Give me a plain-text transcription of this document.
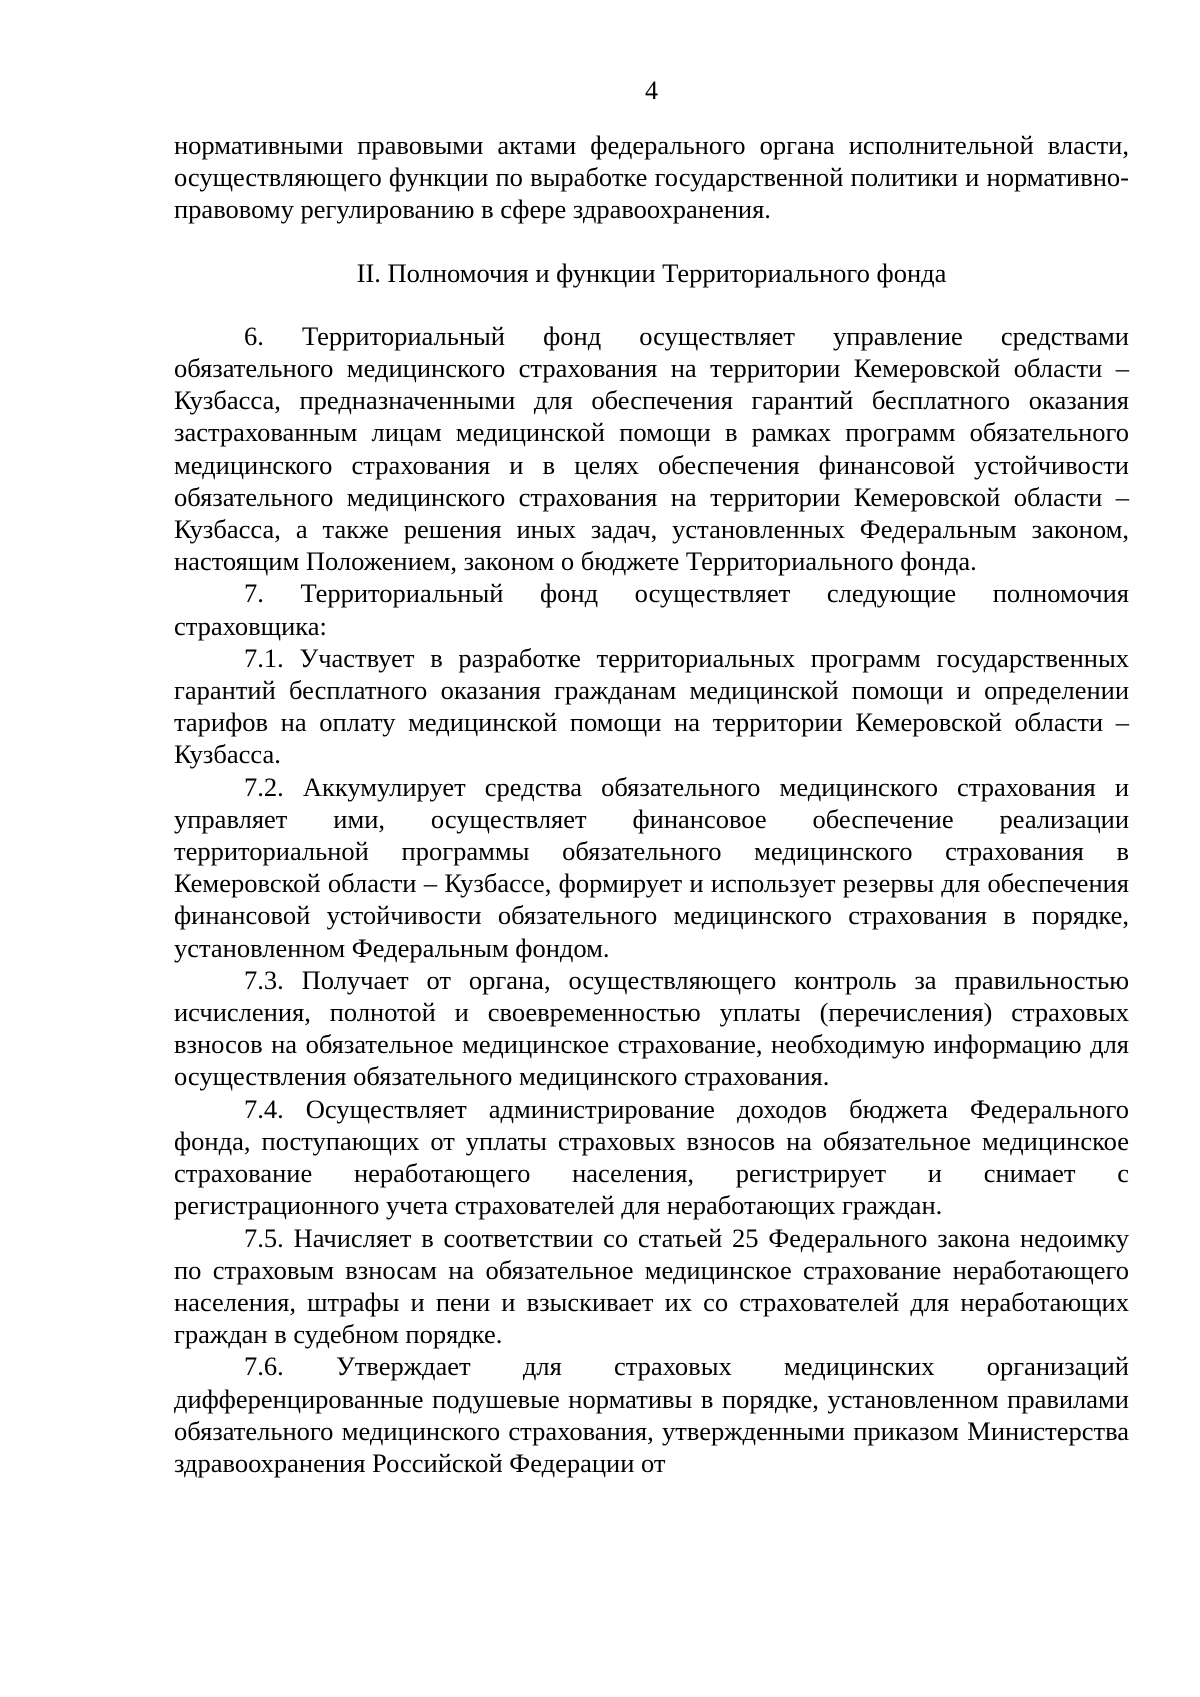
4

нормативными правовыми актами федерального органа исполнительной власти, осуществляющего функции по выработке государственной политики и нормативно-правовому регулированию в сфере здравоохранения.

II. Полномочия и функции Территориального фонда

6. Территориальный фонд осуществляет управление средствами обязательного медицинского страхования на территории Кемеровской области – Кузбасса, предназначенными для обеспечения гарантий бесплатного оказания застрахованным лицам медицинской помощи в рамках программ обязательного медицинского страхования и в целях обеспечения финансовой устойчивости обязательного медицинского страхования на территории Кемеровской области – Кузбасса, а также решения иных задач, установленных Федеральным законом, настоящим Положением, законом о бюджете Территориального фонда.

7. Территориальный фонд осуществляет следующие полномочия страховщика:

7.1. Участвует в разработке территориальных программ государственных гарантий бесплатного оказания гражданам медицинской помощи и определении тарифов на оплату медицинской помощи на территории Кемеровской области – Кузбасса.

7.2. Аккумулирует средства обязательного медицинского страхования и управляет ими, осуществляет финансовое обеспечение реализации территориальной программы обязательного медицинского страхования в Кемеровской области – Кузбассе, формирует и использует резервы для обеспечения финансовой устойчивости обязательного медицинского страхования в порядке, установленном Федеральным фондом.

7.3. Получает от органа, осуществляющего контроль за правильностью исчисления, полнотой и своевременностью уплаты (перечисления) страховых взносов на обязательное медицинское страхование, необходимую информацию для осуществления обязательного медицинского страхования.

7.4. Осуществляет администрирование доходов бюджета Федерального фонда, поступающих от уплаты страховых взносов на обязательное медицинское страхование неработающего населения, регистрирует и снимает с регистрационного учета страхователей для неработающих граждан.

7.5. Начисляет в соответствии со статьей 25 Федерального закона недоимку по страховым взносам на обязательное медицинское страхование неработающего населения, штрафы и пени и взыскивает их со страхователей для неработающих граждан в судебном порядке.

7.6. Утверждает для страховых медицинских организаций дифференцированные подушевые нормативы в порядке, установленном правилами обязательного медицинского страхования, утвержденными приказом Министерства здравоохранения Российской Федерации от
